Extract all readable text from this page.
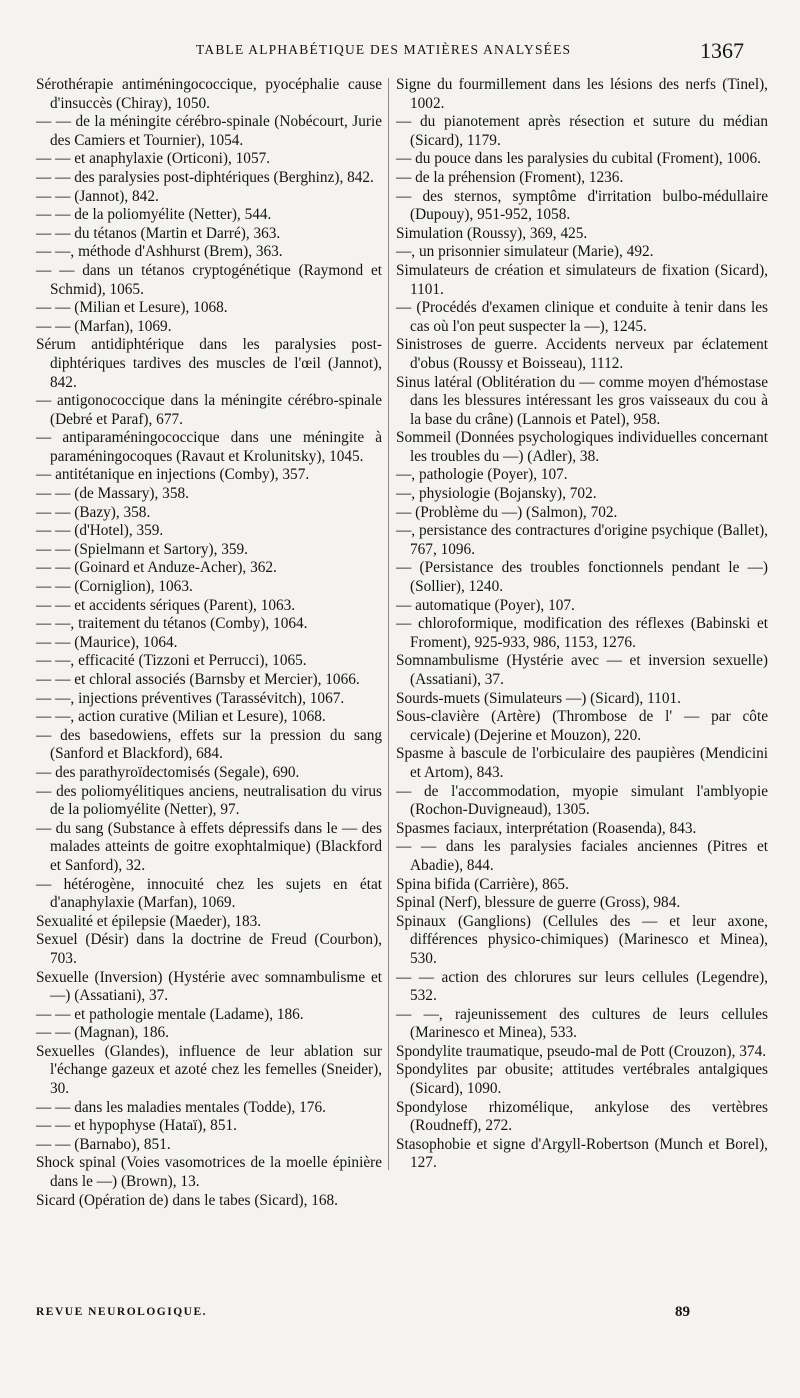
TABLE ALPHABÉTIQUE DES MATIÈRES ANALYSÉES	1367

Sérothérapie antiméningococcique, pyocéphalie cause d'insuccès (Chiray), 1050.

— — de la méningite cérébro-spinale (Nobécourt, Jurie des Camiers et Tournier), 1054.

— — et anaphylaxie (Orticoni), 1057.

— — des paralysies post-diphtériques (Berghinz), 842.

— — (Jannot), 842.

— — de la poliomyélite (Netter), 544.

— — du tétanos (Martin et Darré), 363.

— —, méthode d'Ashhurst (Brem), 363.

— — dans un tétanos cryptogénétique (Raymond et Schmid), 1065.

— — (Milian et Lesure), 1068.

— — (Marfan), 1069.

Sérum antidiphtérique dans les paralysies post-diphtériques tardives des muscles de l'œil (Jannot), 842.

— antigonococcique dans la méningite cérébro-spinale (Debré et Paraf), 677.

— antiparaméningococcique dans une méningite à paraméningocoques (Ravaut et Krolunitsky), 1045.

— antitétanique en injections (Comby), 357.

— — (de Massary), 358.

— — (Bazy), 358.

— — (d'Hotel), 359.

— — (Spielmann et Sartory), 359.

— — (Goinard et Anduze-Acher), 362.

— — (Corniglion), 1063.

— — et accidents sériques (Parent), 1063.

— —, traitement du tétanos (Comby), 1064.

— — (Maurice), 1064.

— —, efficacité (Tizzoni et Perrucci), 1065.

— — et chloral associés (Barnsby et Mercier), 1066.

— —, injections préventives (Tarassévitch), 1067.

— —, action curative (Milian et Lesure), 1068.

— des basedowiens, effets sur la pression du sang (Sanford et Blackford), 684.

— des parathyroïdectomisés (Segale), 690.

— des poliomyélitiques anciens, neutralisation du virus de la poliomyélite (Netter), 97.

— du sang (Substance à effets dépressifs dans le — des malades atteints de goitre exophtalmique) (Blackford et Sanford), 32.

— hétérogène, innocuité chez les sujets en état d'anaphylaxie (Marfan), 1069.

Sexualité et épilepsie (Maeder), 183.

Sexuel (Désir) dans la doctrine de Freud (Courbon), 703.

Sexuelle (Inversion) (Hystérie avec somnambulisme et —) (Assatiani), 37.

— — et pathologie mentale (Ladame), 186.

— — (Magnan), 186.

Sexuelles (Glandes), influence de leur ablation sur l'échange gazeux et azoté chez les femelles (Sneider), 30.

— — dans les maladies mentales (Todde), 176.

— — et hypophyse (Hataï), 851.

— — (Barnabo), 851.

Shock spinal (Voies vasomotrices de la moelle épinière dans le —) (Brown), 13.

Sicard (Opération de) dans le tabes (Sicard), 168.

Signe du fourmillement dans les lésions des nerfs (Tinel), 1002.

— du pianotement après résection et suture du médian (Sicard), 1179.

— du pouce dans les paralysies du cubital (Froment), 1006.

— de la préhension (Froment), 1236.

— des sternos, symptôme d'irritation bulbo-médullaire (Dupouy), 951-952, 1058.

Simulation (Roussy), 369, 425.

—, un prisonnier simulateur (Marie), 492.

Simulateurs de création et simulateurs de fixation (Sicard), 1101.

— (Procédés d'examen clinique et conduite à tenir dans les cas où l'on peut suspecter la —), 1245.

Sinistroses de guerre. Accidents nerveux par éclatement d'obus (Roussy et Boisseau), 1112.

Sinus latéral (Oblitération du — comme moyen d'hémostase dans les blessures intéressant les gros vaisseaux du cou à la base du crâne) (Lannois et Patel), 958.

Sommeil (Données psychologiques individuelles concernant les troubles du —) (Adler), 38.

—, pathologie (Poyer), 107.

—, physiologie (Bojansky), 702.

— (Problème du —) (Salmon), 702.

—, persistance des contractures d'origine psychique (Ballet), 767, 1096.

— (Persistance des troubles fonctionnels pendant le —) (Sollier), 1240.

— automatique (Poyer), 107.

— chloroformique, modification des réflexes (Babinski et Froment), 925-933, 986, 1153, 1276.

Somnambulisme (Hystérie avec — et inversion sexuelle) (Assatiani), 37.

Sourds-muets (Simulateurs —) (Sicard), 1101.

Sous-clavière (Artère) (Thrombose de l' — par côte cervicale) (Dejerine et Mouzon), 220.

Spasme à bascule de l'orbiculaire des paupières (Mendicini et Artom), 843.

— de l'accommodation, myopie simulant l'amblyopie (Rochon-Duvigneaud), 1305.

Spasmes faciaux, interprétation (Roasenda), 843.

— — dans les paralysies faciales anciennes (Pitres et Abadie), 844.

Spina bifida (Carrière), 865.

Spinal (Nerf), blessure de guerre (Gross), 984.

Spinaux (Ganglions) (Cellules des — et leur axone, différences physico-chimiques) (Marinesco et Minea), 530.

— — action des chlorures sur leurs cellules (Legendre), 532.

— —, rajeunissement des cultures de leurs cellules (Marinesco et Minea), 533.

Spondylite traumatique, pseudo-mal de Pott (Crouzon), 374.

Spondylites par obusite; attitudes vertébrales antalgiques (Sicard), 1090.

Spondylose rhizomélique, ankylose des vertèbres (Roudneff), 272.

Stasophobie et signe d'Argyll-Robertson (Munch et Borel), 127.

REVUE NEUROLOGIQUE.	89
